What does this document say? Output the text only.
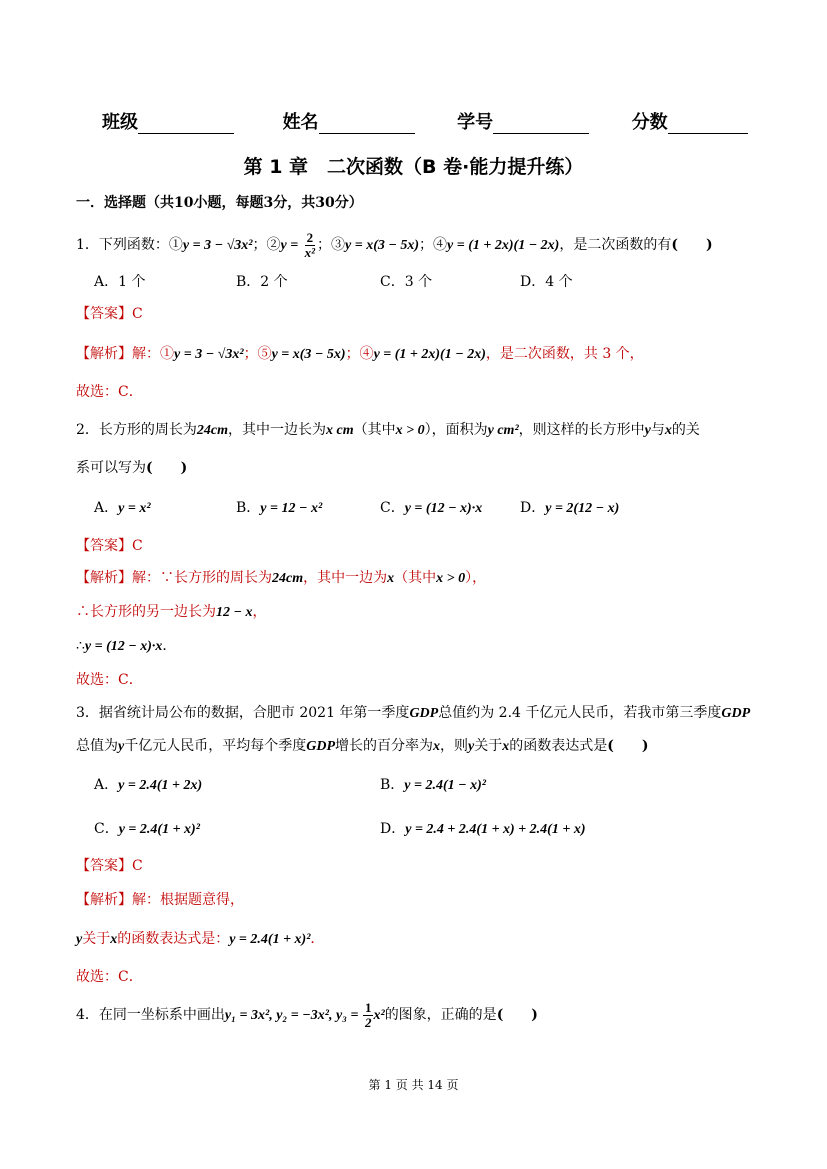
班级	姓名	学号	分数
第 1 章　二次函数（B 卷·能力提升练）
一．选择题（共10小题，每题3分，共30分）
1．下列函数：①y = 3 − √3x²；②y = $\frac{2}{\text{x²}}$ ；③y = x(3 − 5x)；④y = (1 + 2x)(1 − 2x)，是二次函数的有(　　)
A．1 个	B．2 个	C．3 个	D．4 个
【答案】C
【解析】解：①y = 3 − √3x²；⑤y = x(3 − 5x)；④y = (1 + 2x)(1 − 2x)，是二次函数，共 3 个，
故选：C．
2．长方形的周长为24cm，其中一边长为x cm（其中x > 0），面积为y cm²，则这样的长方形中y与x的关
系可以写为(　　)
A．y = x²	B．y = 12 − x²	C．y = (12 − x)·x	D．y = 2(12 − x)
【答案】C
【解析】解：∵长方形的周长为24cm，其中一边为x（其中x > 0），
∴长方形的另一边长为12 − x，
∴y = (12 − x)·x．
故选：C．
3．据省统计局公布的数据，合肥市 2021 年第一季度GDP总值约为 2.4 千亿元人民币，若我市第三季度GDP
总值为y千亿元人民币，平均每个季度GDP增长的百分率为x，则y关于x的函数表达式是(　　)
A．y = 2.4(1 + 2x)	B．y = 2.4(1 − x)²
C．y = 2.4(1 + x)²	D．y = 2.4 + 2.4(1 + x) + 2.4(1 + x)
【答案】C
【解析】解：根据题意得，
y关于x的函数表达式是：y = 2.4(1 + x)²．
故选：C．
4．在同一坐标系中画出y₁ = 3x², y₂ = −3x², $y_3 = \frac{1}{2} x^2$的图象，正确的是(　　)
第 1 页 共 14 页
